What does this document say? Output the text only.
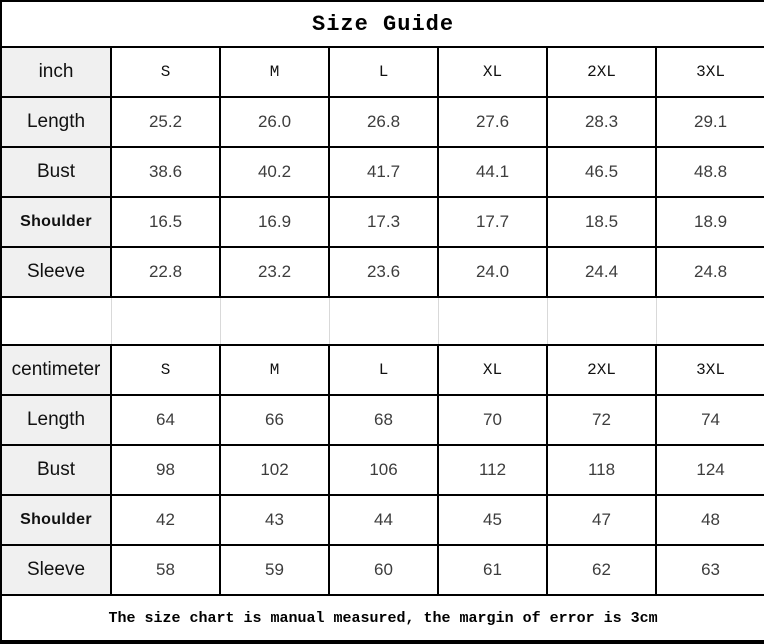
Size Guide						
inch	S	M	L	XL	2XL	3XL
Length	25.2	26.0	26.8	27.6	28.3	29.1
Bust	38.6	40.2	41.7	44.1	46.5	48.8
Shoulder	16.5	16.9	17.3	17.7	18.5	18.9
Sleeve	22.8	23.2	23.6	24.0	24.4	24.8

centimeter	S	M	L	XL	2XL	3XL
Length	64	66	68	70	72	74
Bust	98	102	106	112	118	124
Shoulder	42	43	44	45	47	48
Sleeve	58	59	60	61	62	63
The size chart is manual measured, the margin of error is 3cm						
